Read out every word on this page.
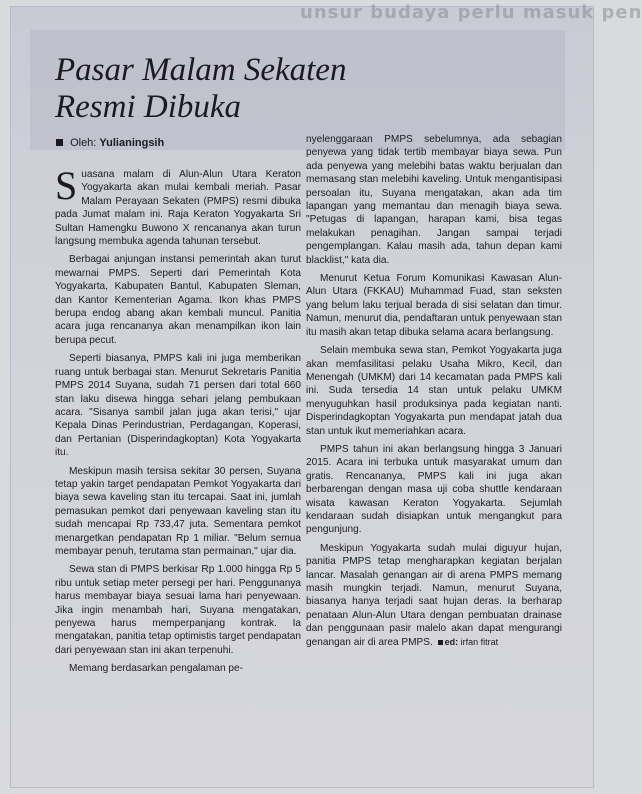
unsur budaya perlu masuk pen
Pasar Malam Sekaten
Resmi Dibuka
Oleh: Yulianingsih

Suasana malam di Alun-Alun Utara Keraton Yogyakarta akan mulai kembali meriah. Pasar Malam Perayaan Sekaten (PMPS) resmi dibuka pada Jumat malam ini. Raja Keraton Yogyakarta Sri Sultan Hamengku Buwono X rencananya akan turun langsung membuka agenda tahunan tersebut.

Berbagai anjungan instansi pemerintah akan turut mewarnai PMPS. Seperti dari Pemerintah Kota Yogyakarta, Kabupaten Bantul, Kabupaten Sleman, dan Kantor Kementerian Agama. Ikon khas PMPS berupa endog abang akan kembali muncul. Panitia acara juga rencananya akan menampilkan ikon lain berupa pecut.

Seperti biasanya, PMPS kali ini juga memberikan ruang untuk berbagai stan. Menurut Sekretaris Panitia PMPS 2014 Suyana, sudah 71 persen dari total 660 stan laku disewa hingga sehari jelang pembukaan acara. "Sisanya sambil jalan juga akan terisi," ujar Kepala Dinas Perindustrian, Perdagangan, Koperasi, dan Pertanian (Disperindagkoptan) Kota Yogyakarta itu.

Meskipun masih tersisa sekitar 30 persen, Suyana tetap yakin target pendapatan Pemkot Yogyakarta dari biaya sewa kaveling stan itu tercapai. Saat ini, jumlah pemasukan pemkot dari penyewaan kaveling stan itu sudah mencapai Rp 733,47 juta. Sementara pemkot menargetkan pendapatan Rp 1 miliar. "Belum semua membayar penuh, terutama stan permainan," ujar dia.

Sewa stan di PMPS berkisar Rp 1.000 hingga Rp 5 ribu untuk setiap meter persegi per hari. Penggunanya harus membayar biaya sesuai lama hari penyewaan. Jika ingin menambah hari, Suyana mengatakan, penyewa harus memperpanjang kontrak. Ia mengatakan, panitia tetap optimistis target pendapatan dari penyewaan stan ini akan terpenuhi.

Memang berdasarkan pengalaman pe-

nyelenggaraan PMPS sebelumnya, ada sebagian penyewa yang tidak tertib membayar biaya sewa. Pun ada penyewa yang melebihi batas waktu berjualan dan memasang stan melebihi kaveling. Untuk mengantisipasi persoalan itu, Suyana mengatakan, akan ada tim lapangan yang memantau dan menagih biaya sewa. "Petugas di lapangan, harapan kami, bisa tegas melakukan penagihan. Jangan sampai terjadi pengemplangan. Kalau masih ada, tahun depan kami blacklist," kata dia.

Menurut Ketua Forum Komunikasi Kawasan Alun-Alun Utara (FKKAU) Muhammad Fuad, stan seksten yang belum laku terjual berada di sisi selatan dan timur. Namun, menurut dia, pendaftaran untuk penyewaan stan itu masih akan tetap dibuka selama acara berlangsung.

Selain membuka sewa stan, Pemkot Yogyakarta juga akan memfasilitasi pelaku Usaha Mikro, Kecil, dan Menengah (UMKM) dari 14 kecamatan pada PMPS kali ini. Suda tersedia 14 stan untuk pelaku UMKM menyuguhkan hasil produksinya pada kegiatan nanti. Disperindagkoptan Yogyakarta pun mendapat jatah dua stan untuk ikut memeriahkan acara.

PMPS tahun ini akan berlangsung hingga 3 Januari 2015. Acara ini terbuka untuk masyarakat umum dan gratis. Rencananya, PMPS kali ini juga akan berbarengan dengan masa uji coba shuttle kendaraan wisata kawasan Keraton Yogyakarta. Sejumlah kendaraan sudah disiapkan untuk mengangkut para pengunjung.

Meskipun Yogyakarta sudah mulai diguyur hujan, panitia PMPS tetap mengharapkan kegiatan berjalan lancar. Masalah genangan air di arena PMPS memang masih mungkin terjadi. Namun, menurut Suyana, biasanya hanya terjadi saat hujan deras. Ia berharap penataan Alun-Alun Utara dengan pembuatan drainase dan penggunaan pasir malelo akan dapat mengurangi genangan air di area PMPS. ed: irfan fitrat
